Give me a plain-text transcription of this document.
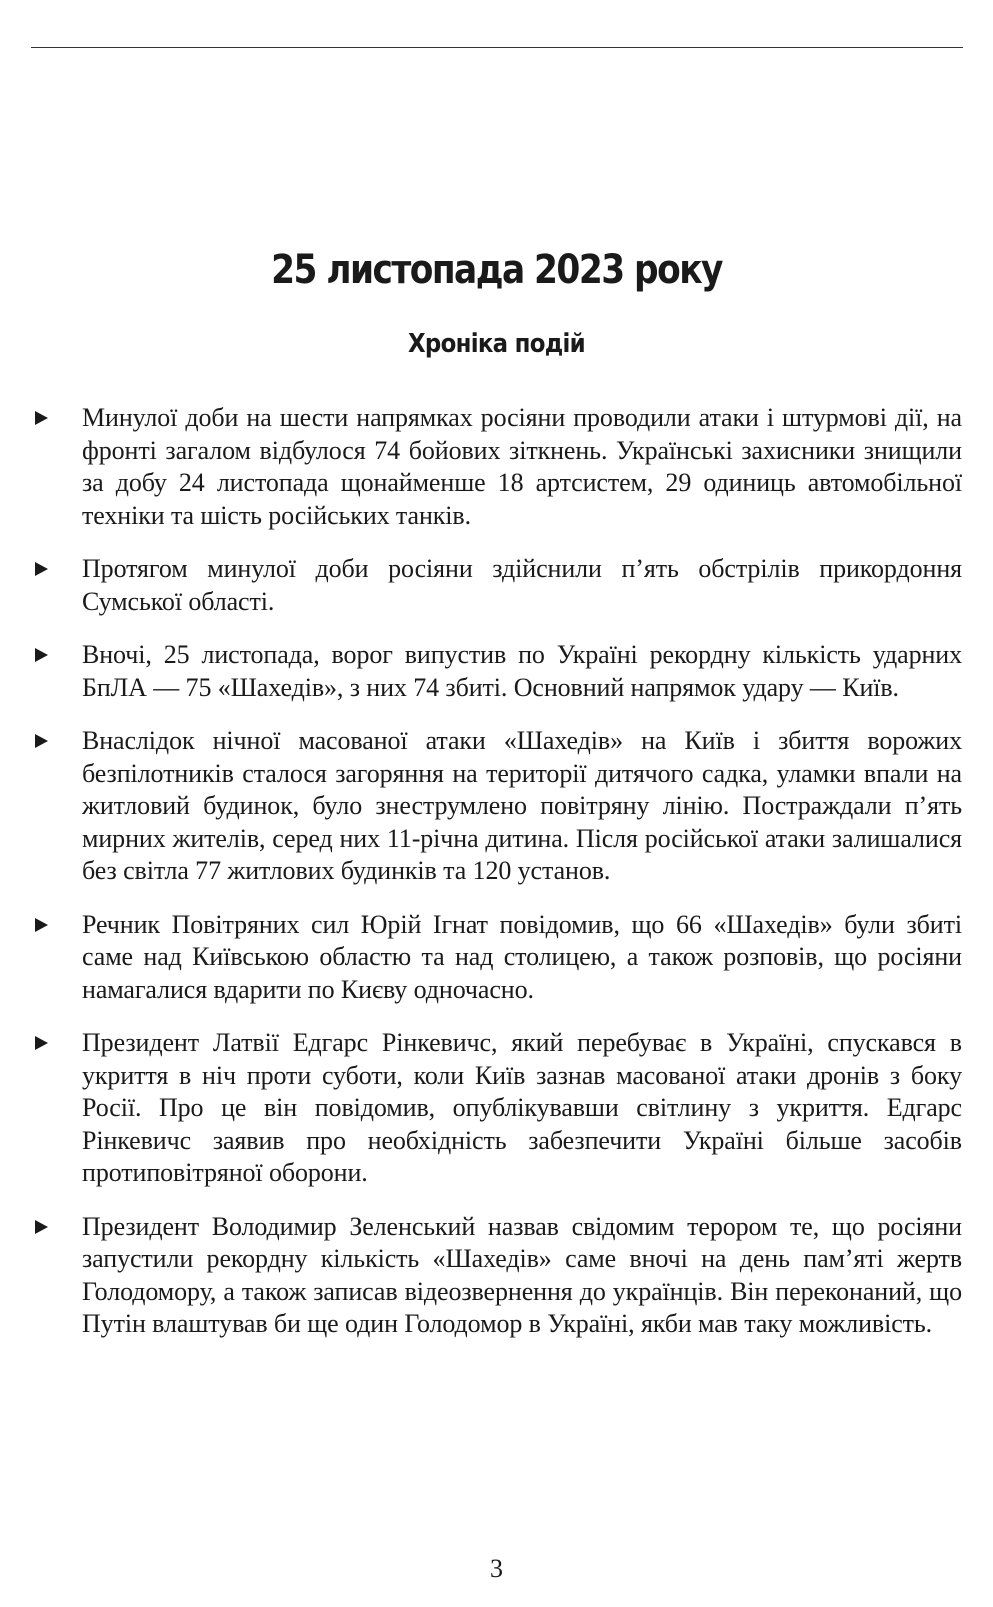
25 листопада 2023 року
Хроніка подій
Минулої доби на шести напрямках росіяни проводили атаки і штурмові дії, на фронті загалом відбулося 74 бойових зіткнень. Українські захисники знищили за добу 24 листопада щонайменше 18 артсистем, 29 одиниць автомобільної техніки та шість російських танків.
Протягом минулої доби росіяни здійснили п’ять обстрілів прикордоння Сумської області.
Вночі, 25 листопада, ворог випустив по Україні рекордну кількість ударних БпЛА — 75 «Шахедів», з них 74 збиті. Основний напрямок удару — Київ.
Внаслідок нічної масованої атаки «Шахедів» на Київ і збиття ворожих безпілотників сталося загоряння на території дитячого садка, уламки впали на житловий будинок, було знеструмлено повітряну лінію. Постраждали п’ять мирних жителів, серед них 11-річна дитина. Після російської атаки залишалися без світла 77 житлових будинків та 120 установ.
Речник Повітряних сил Юрій Ігнат повідомив, що 66 «Шахедів» були збиті саме над Київською областю та над столицею, а також розповів, що росіяни намагалися вдарити по Києву одночасно.
Президент Латвії Едгарс Рінкевичс, який перебуває в Україні, спускався в укриття в ніч проти суботи, коли Київ зазнав масованої атаки дронів з боку Росії. Про це він повідомив, опублікувавши світлину з укриття. Едгарс Рінкевичс заявив про необхідність забезпечити Україні більше засобів протиповітряної оборони.
Президент Володимир Зеленський назвав свідомим терором те, що росіяни запустили рекордну кількість «Шахедів» саме вночі на день пам’яті жертв Голодомору, а також записав відеозвернення до українців. Він переконаний, що Путін влаштував би ще один Голодомор в Україні, якби мав таку можливість.
3
